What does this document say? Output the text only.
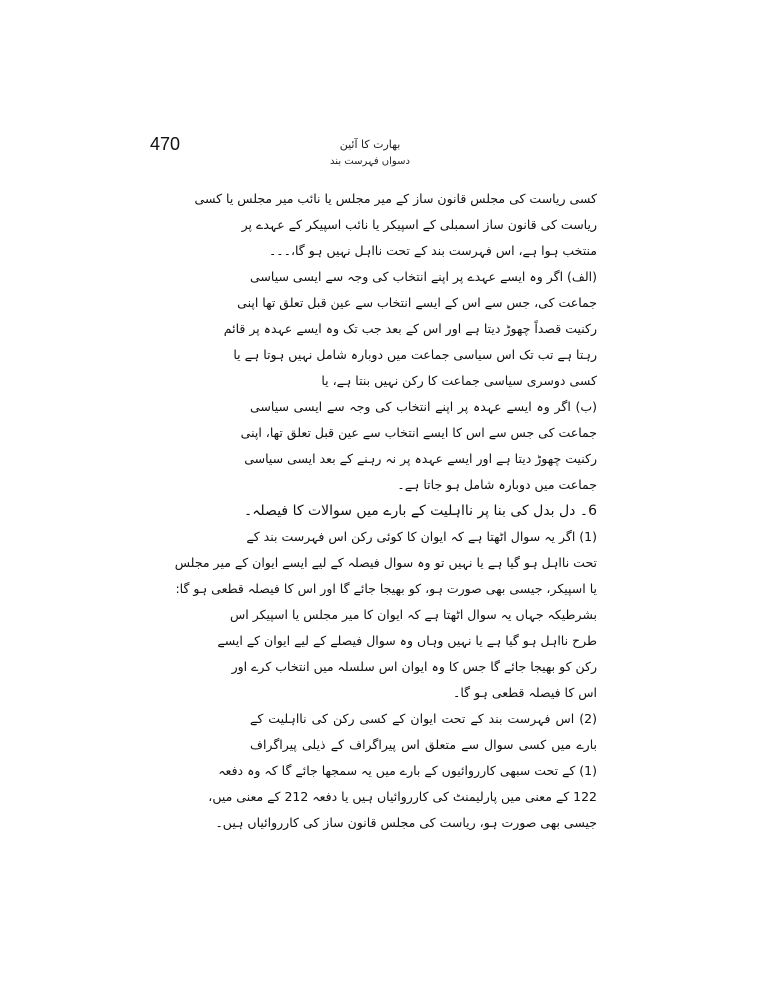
470	بھارت کا آئین
دسواں فہرست بند
کسی ریاست کی مجلس قانون ساز کے میر مجلس یا نائب میر مجلس یا کسی
ریاست کی قانون ساز اسمبلی کے اسپیکر یا نائب اسپیکر کے عہدے پر
منتخب ہوا ہے، اس فہرست بند کے تحت نااہل نہیں ہو گا،۔۔۔
(الف) اگر وہ ایسے عہدے پر اپنے انتخاب کی وجہ سے ایسی سیاسی
جماعت کی، جس سے اس کے ایسے انتخاب سے عین قبل تعلق تھا اپنی
رکنیت قصداً چھوڑ دیتا ہے اور اس کے بعد جب تک وہ ایسے عہدہ پر قائم
رہتا ہے تب تک اس سیاسی جماعت میں دوبارہ شامل نہیں ہوتا ہے یا
کسی دوسری سیاسی جماعت کا رکن نہیں بنتا ہے، یا
(ب) اگر وہ ایسے عہدہ پر اپنے انتخاب کی وجہ سے ایسی سیاسی
جماعت کی جس سے اس کا ایسے انتخاب سے عین قبل تعلق تھا، اپنی
رکنیت چھوڑ دیتا ہے اور ایسے عہدہ پر نہ رہنے کے بعد ایسی سیاسی
جماعت میں دوبارہ شامل ہو جاتا ہے۔
6۔ دل بدل کی بنا پر نااہلیت کے بارے میں سوالات کا فیصلہ۔
(1) اگر یہ سوال اٹھتا ہے کہ ایوان کا کوئی رکن اس فہرست بند کے
تحت نااہل ہو گیا ہے یا نہیں تو وہ سوال فیصلہ کے لیے ایسے ایوان کے میر مجلس
یا اسپیکر، جیسی بھی صورت ہو، کو بھیجا جائے گا اور اس کا فیصلہ قطعی ہو گا:
بشرطیکہ جہاں یہ سوال اٹھتا ہے کہ ایوان کا میر مجلس یا اسپیکر اس
طرح نااہل ہو گیا ہے یا نہیں وہاں وہ سوال فیصلے کے لیے ایوان کے ایسے
رکن کو بھیجا جائے گا جس کا وہ ایوان اس سلسلہ میں انتخاب کرے اور
اس کا فیصلہ قطعی ہو گا۔
(2) اس فہرست بند کے تحت ایوان کے کسی رکن کی نااہلیت کے
بارے میں کسی سوال سے متعلق اس پیراگراف کے ذیلی پیراگراف
(1) کے تحت سبھی کارروائیوں کے بارے میں یہ سمجھا جائے گا کہ وہ دفعہ
122 کے معنی میں پارلیمنٹ کی کارروائیاں ہیں یا دفعہ 212 کے معنی میں،
جیسی بھی صورت ہو، ریاست کی مجلس قانون ساز کی کارروائیاں ہیں۔
